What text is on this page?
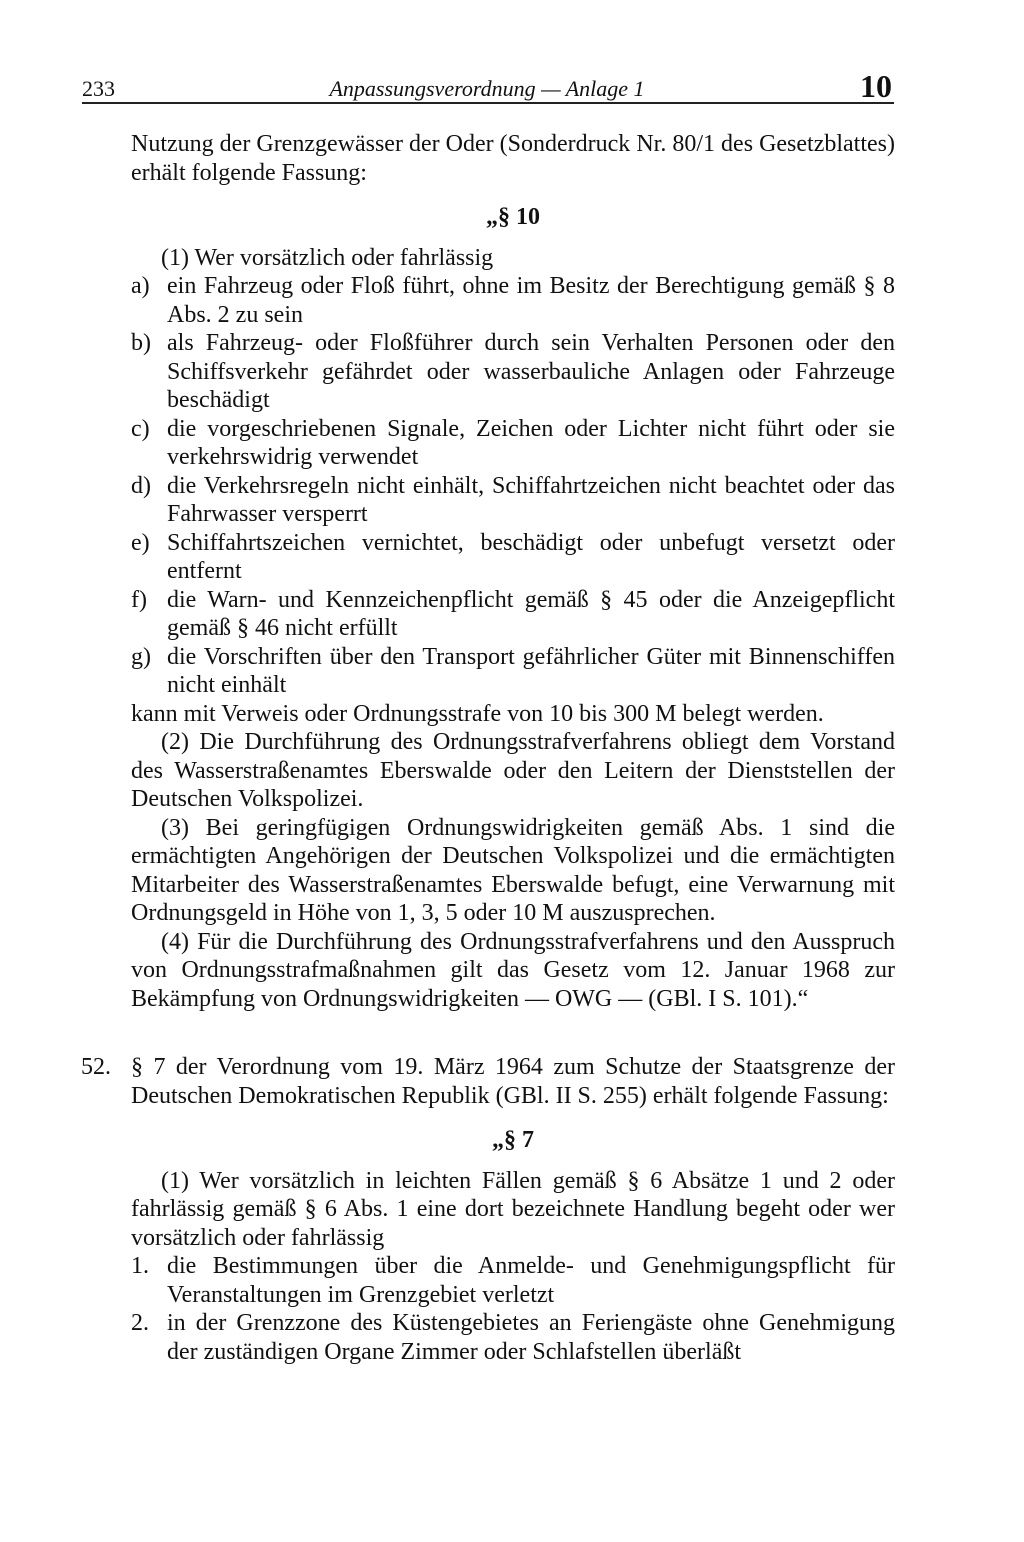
233	Anpassungsverordnung — Anlage 1	10

Nutzung der Grenzgewässer der Oder (Sonderdruck Nr. 80/1 des Gesetzblattes) erhält folgende Fassung:

„§ 10

(1) Wer vorsätzlich oder fahrlässig

a) ein Fahrzeug oder Floß führt, ohne im Besitz der Berechtigung gemäß § 8 Abs. 2 zu sein
b) als Fahrzeug- oder Floßführer durch sein Verhalten Personen oder den Schiffsverkehr gefährdet oder wasserbauliche Anlagen oder Fahrzeuge beschädigt
c) die vorgeschriebenen Signale, Zeichen oder Lichter nicht führt oder sie verkehrswidrig verwendet
d) die Verkehrsregeln nicht einhält, Schiffahrtzeichen nicht beachtet oder das Fahrwasser versperrt
e) Schiffahrtszeichen vernichtet, beschädigt oder unbefugt versetzt oder entfernt
f) die Warn- und Kennzeichenpflicht gemäß § 45 oder die Anzeigepflicht gemäß § 46 nicht erfüllt
g) die Vorschriften über den Transport gefährlicher Güter mit Binnenschiffen nicht einhält

kann mit Verweis oder Ordnungsstrafe von 10 bis 300 M belegt werden.

(2) Die Durchführung des Ordnungsstrafverfahrens obliegt dem Vorstand des Wasserstraßenamtes Eberswalde oder den Leitern der Dienststellen der Deutschen Volkspolizei.

(3) Bei geringfügigen Ordnungswidrigkeiten gemäß Abs. 1 sind die ermächtigten Angehörigen der Deutschen Volkspolizei und die ermächtigten Mitarbeiter des Wasserstraßenamtes Eberswalde befugt, eine Verwarnung mit Ordnungsgeld in Höhe von 1, 3, 5 oder 10 M auszusprechen.

(4) Für die Durchführung des Ordnungsstrafverfahrens und den Ausspruch von Ordnungsstrafmaßnahmen gilt das Gesetz vom 12. Januar 1968 zur Bekämpfung von Ordnungswidrigkeiten — OWG — (GBl. I S. 101).“

52. § 7 der Verordnung vom 19. März 1964 zum Schutze der Staatsgrenze der Deutschen Demokratischen Republik (GBl. II S. 255) erhält folgende Fassung:

„§ 7

(1) Wer vorsätzlich in leichten Fällen gemäß § 6 Absätze 1 und 2 oder fahrlässig gemäß § 6 Abs. 1 eine dort bezeichnete Handlung begeht oder wer vorsätzlich oder fahrlässig

1. die Bestimmungen über die Anmelde- und Genehmigungspflicht für Veranstaltungen im Grenzgebiet verletzt
2. in der Grenzzone des Küstengebietes an Feriengäste ohne Genehmigung der zuständigen Organe Zimmer oder Schlafstellen überläßt
